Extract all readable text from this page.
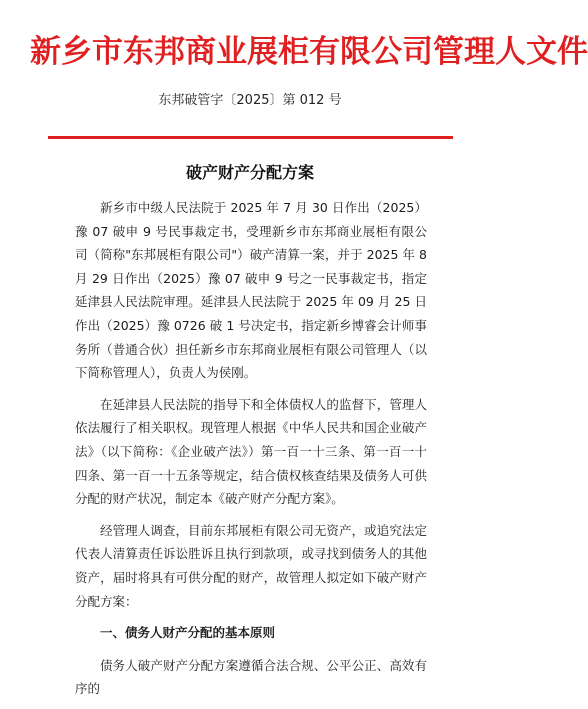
新乡市东邦商业展柜有限公司管理人文件
东邦破管字〔2025〕第 012 号
破产财产分配方案

新乡市中级人民法院于 2025 年 7 月 30 日作出（2025）豫 07 破申 9 号民事裁定书，受理新乡市东邦商业展柜有限公司（简称"东邦展柜有限公司"）破产清算一案，并于 2025 年 8 月 29 日作出（2025）豫 07 破申 9 号之一民事裁定书，指定延津县人民法院审理。延津县人民法院于 2025 年 09 月 25 日作出（2025）豫 0726 破 1 号决定书，指定新乡博睿会计师事务所（普通合伙）担任新乡市东邦商业展柜有限公司管理人（以下简称管理人），负责人为侯刚。

在延津县人民法院的指导下和全体债权人的监督下，管理人依法履行了相关职权。现管理人根据《中华人民共和国企业破产法》（以下简称：《企业破产法》）第一百一十三条、第一百一十四条、第一百一十五条等规定，结合债权核查结果及债务人可供分配的财产状况，制定本《破产财产分配方案》。

经管理人调查，目前东邦展柜有限公司无资产，或追究法定代表人清算责任诉讼胜诉且执行到款项，或寻找到债务人的其他资产，届时将具有可供分配的财产，故管理人拟定如下破产财产分配方案：

一、债务人财产分配的基本原则

债务人破产财产分配方案遵循合法合规、公平公正、高效有序的
